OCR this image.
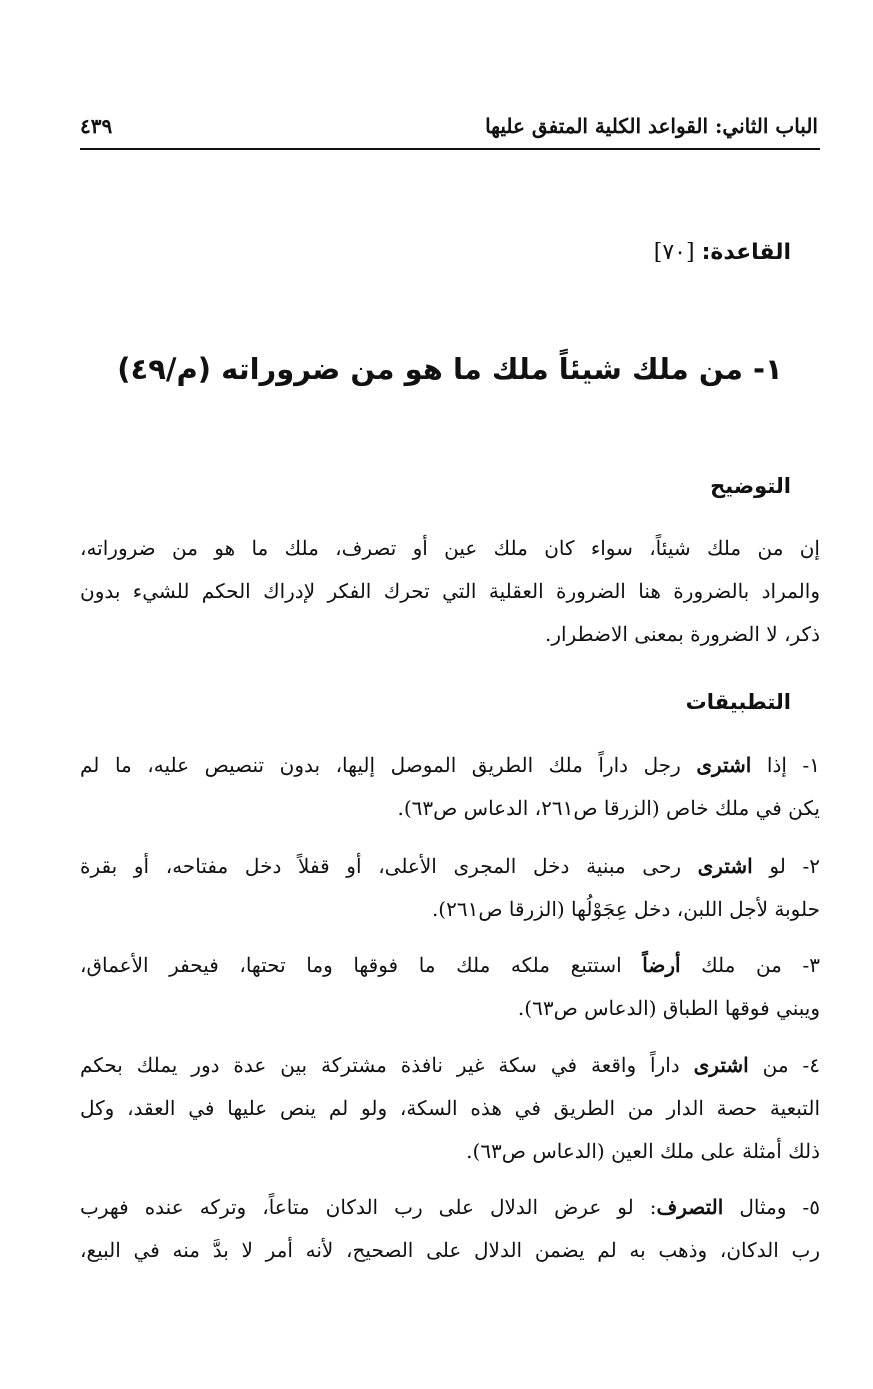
الباب الثاني: القواعد الكلية المتفق عليها
٤٣٩
القاعدة: [٧٠]
١- من ملك شيئاً ملك ما هو من ضروراته (م/٤٩)
التوضيح
إن من ملك شيئاً، سواء كان ملك عين أو تصرف، ملك ما هو من ضروراته،
والمراد بالضرورة هنا الضرورة العقلية التي تحرك الفكر لإدراك الحكم للشيء بدون
ذكر، لا الضرورة بمعنى الاضطرار.
التطبيقات
١- إذا اشترى رجل داراً ملك الطريق الموصل إليها، بدون تنصيص عليه، ما لم
يكن في ملك خاص (الزرقا ص٢٦١، الدعاس ص٦٣).
٢- لو اشترى رحى مبنية دخل المجرى الأعلى، أو قفلاً دخل مفتاحه، أو بقرة
حلوبة لأجل اللبن، دخل عِجَوْلُها (الزرقا ص٢٦١).
٣- من ملك أرضاً استتبع ملكه ملك ما فوقها وما تحتها، فيحفر الأعماق،
ويبني فوقها الطباق (الدعاس ص٦٣).
٤- من اشترى داراً واقعة في سكة غير نافذة مشتركة بين عدة دور يملك بحكم
التبعية حصة الدار من الطريق في هذه السكة، ولو لم ينص عليها في العقد، وكل
ذلك أمثلة على ملك العين (الدعاس ص٦٣).
٥- ومثال التصرف: لو عرض الدلال على رب الدكان متاعاً، وتركه عنده فهرب
رب الدكان، وذهب به لم يضمن الدلال على الصحيح، لأنه أمر لا بدَّ منه في البيع،
